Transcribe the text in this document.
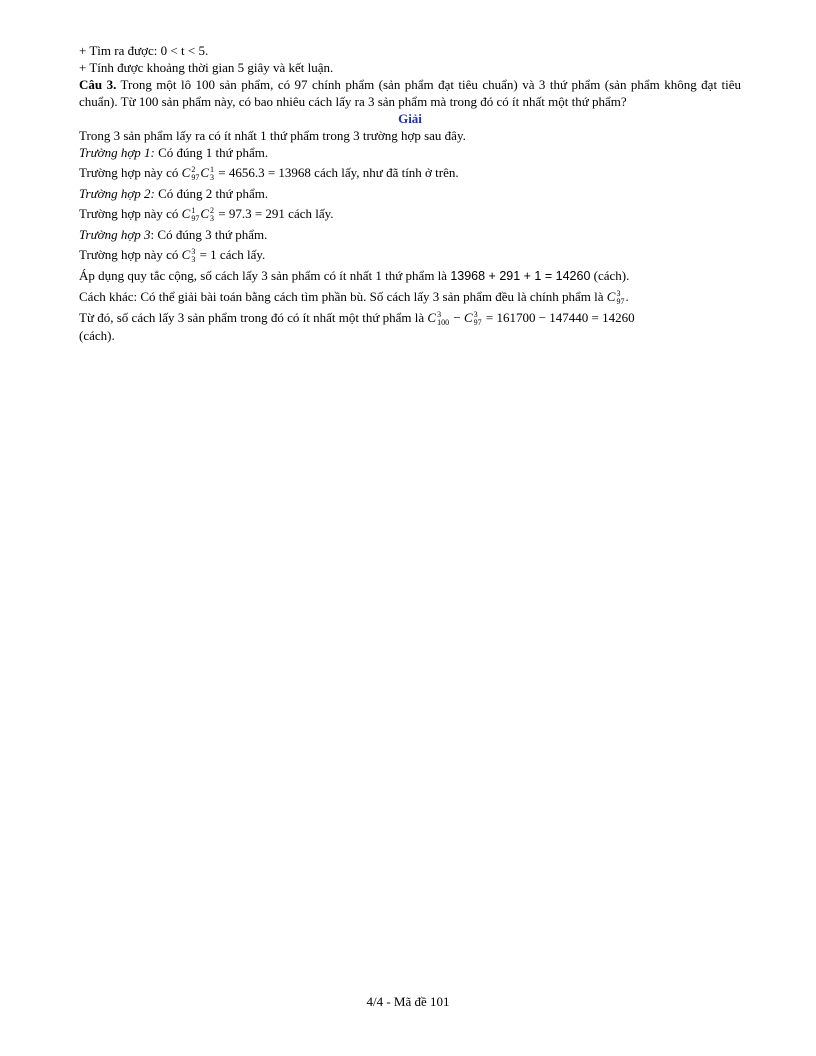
+ Tìm ra được: 0 < t < 5.

+ Tính được khoảng thời gian 5 giây và kết luận.

Câu 3. Trong một lô 100 sản phẩm, có 97 chính phẩm (sản phẩm đạt tiêu chuẩn) và 3 thứ phẩm (sản phẩm không đạt tiêu chuẩn). Từ 100 sản phẩm này, có bao nhiêu cách lấy ra 3 sản phẩm mà trong đó có ít nhất một thứ phẩm?

Giải

Trong 3 sản phẩm lấy ra có ít nhất 1 thứ phẩm trong 3 trường hợp sau đây.

Trường hợp 1: Có đúng 1 thứ phẩm.

Trường hợp này có C 2
97 C 1
3 = 4656.3 = 13968 cách lấy, như đã tính ở trên.

Trường hợp 2: Có đúng 2 thứ phẩm.

Trường hợp này có C 1
97 C 2
3 = 97.3 = 291 cách lấy.

Trường hợp 3: Có đúng 3 thứ phẩm.

Trường hợp này có C 3
3 = 1 cách lấy.

Áp dụng quy tắc cộng, số cách lấy 3 sản phẩm có ít nhất 1 thứ phẩm là 13968 + 291 + 1 = 14260 (cách).

Cách khác: Có thể giải bài toán bằng cách tìm phần bù. Số cách lấy 3 sản phẩm đều là chính phẩm là C 3
97 .

Từ đó, số cách lấy 3 sản phẩm trong đó có ít nhất một thứ phẩm là C 3
100 − C 3
97 = 161700 − 147440 = 14260

(cách).

4/4 - Mã đề 101
